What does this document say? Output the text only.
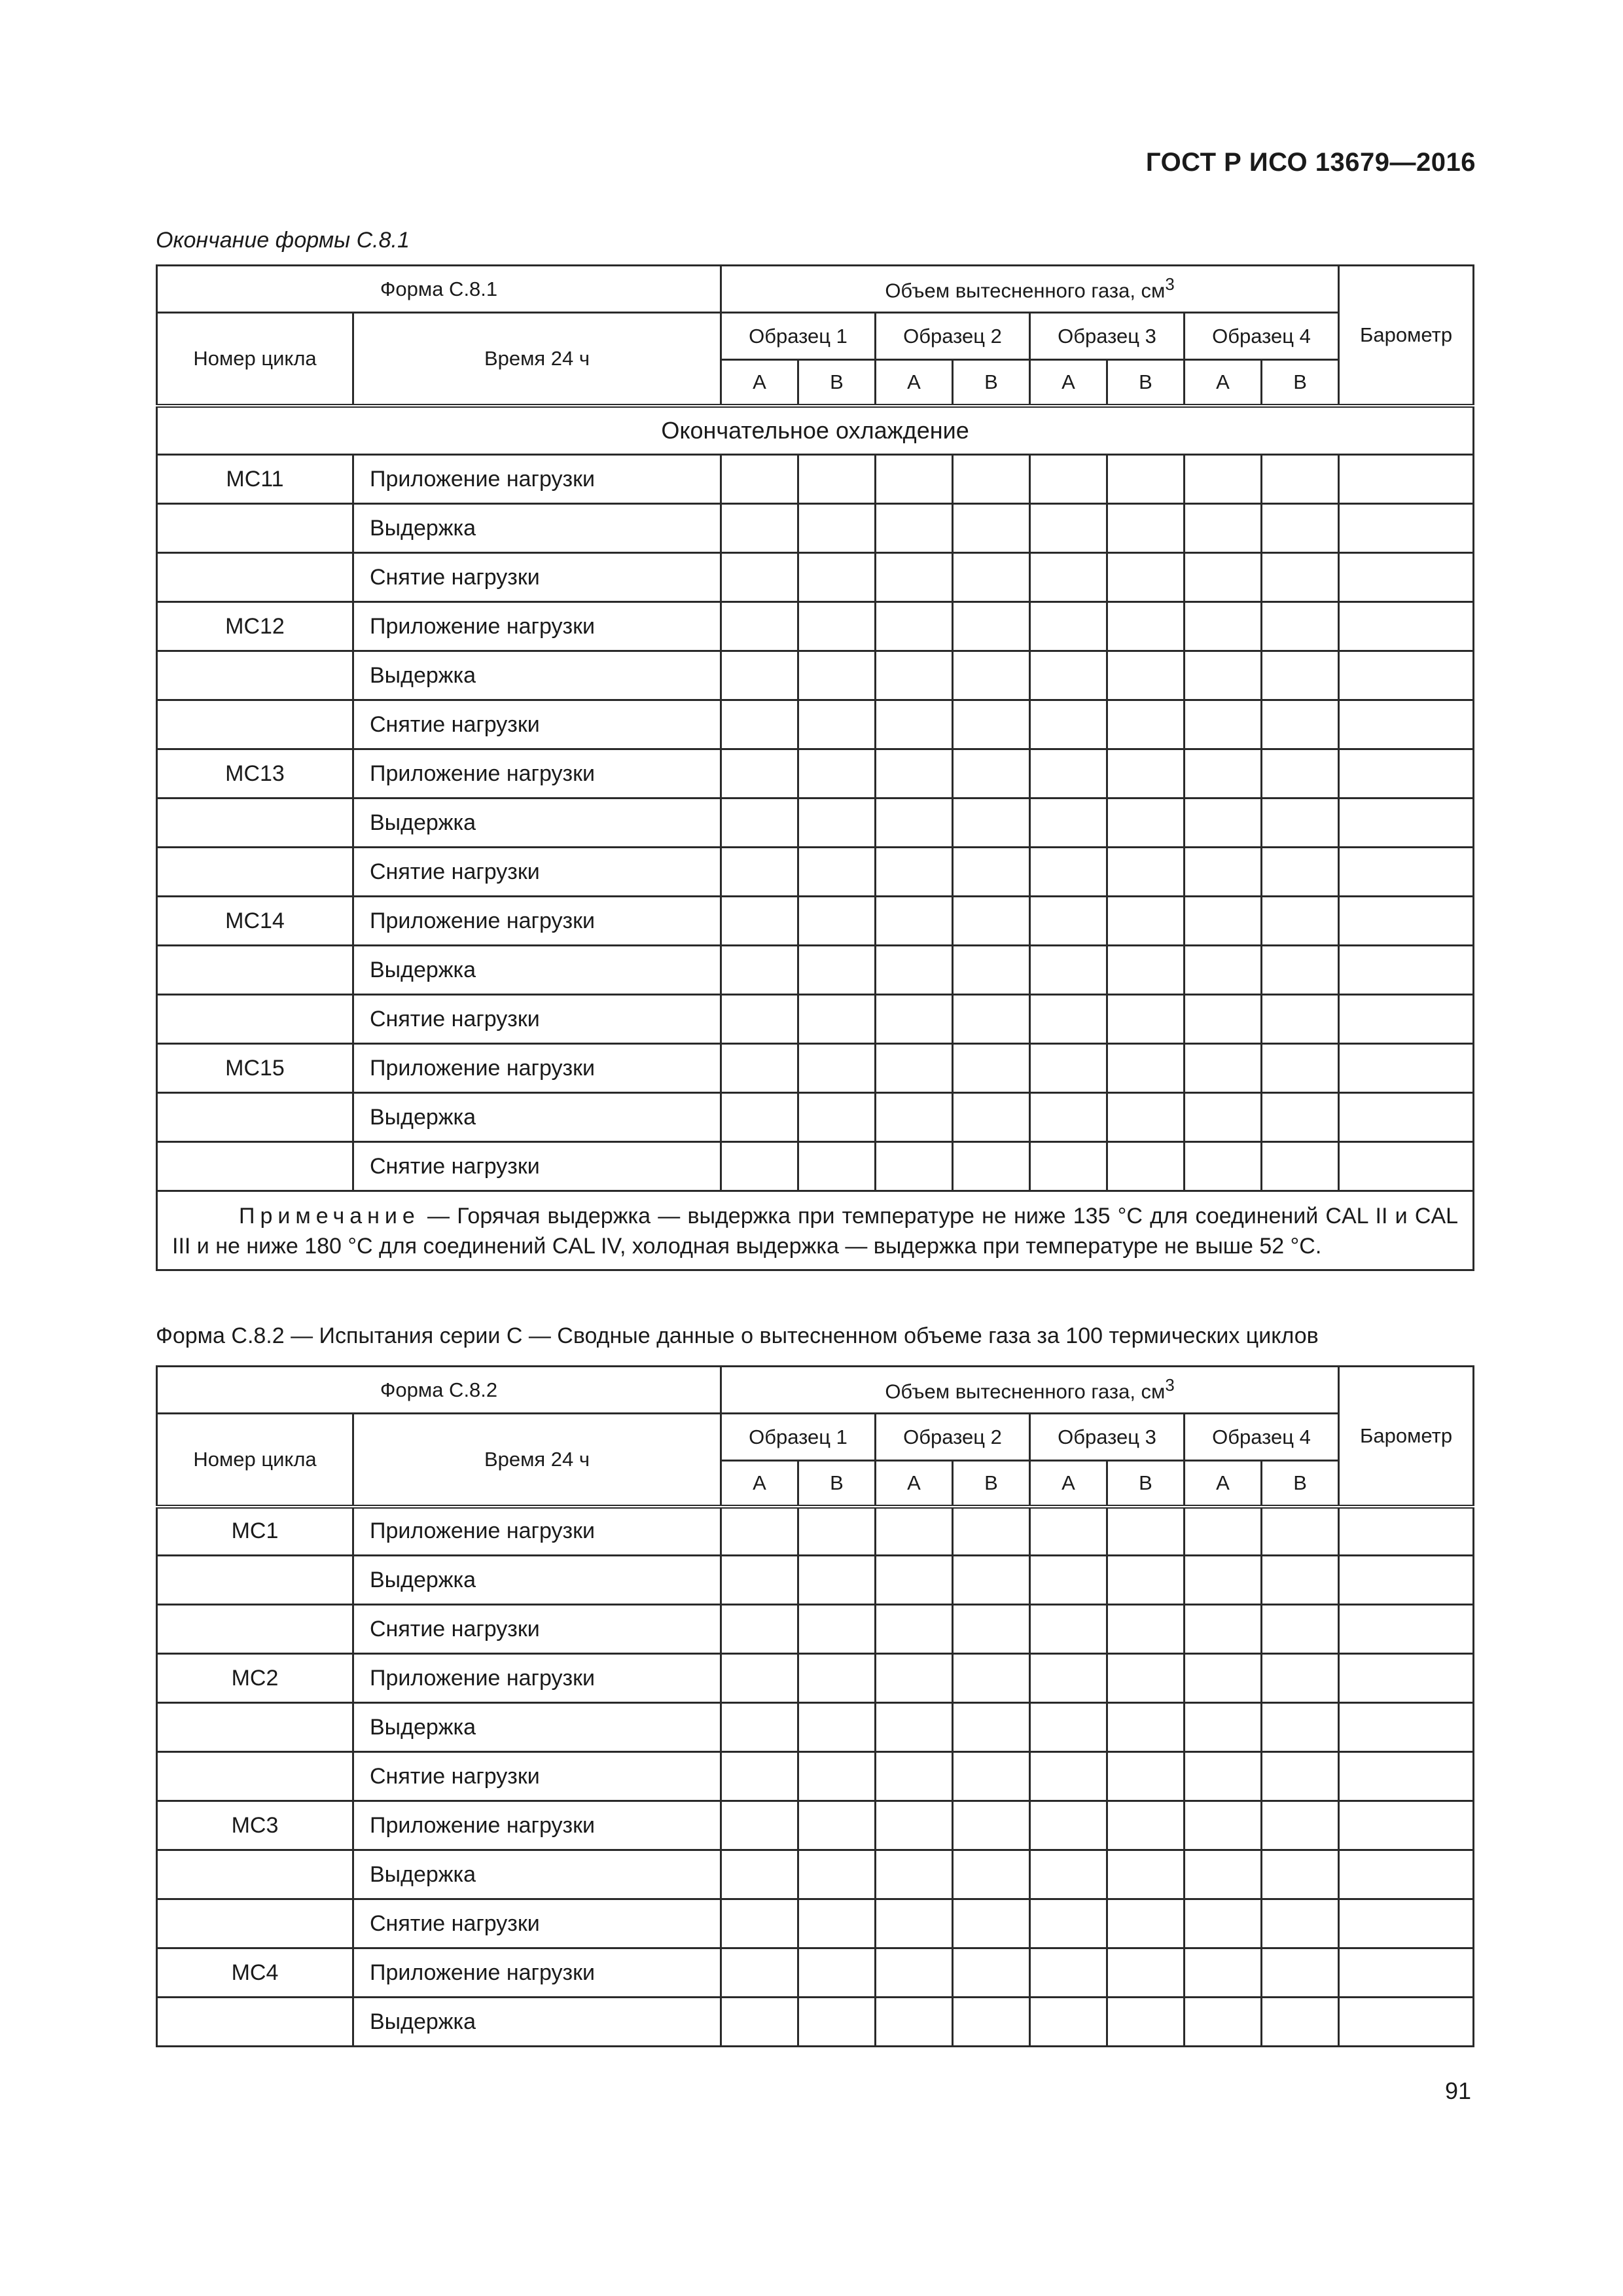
ГОСТ Р ИСО 13679—2016
Окончание формы С.8.1
Форма С.8.1		Объем вытесненного газа, $см^3$								Барометр
Номер цикла	Время 24 ч	Образец 1		Образец 2		Образец 3		Образец 4		
		А	В	А	В	А	В	А	В	
Окончательное охлаждение										
МС11	Приложение нагрузки									
	Выдержка									
	Снятие нагрузки									
МС12	Приложение нагрузки									
	Выдержка									
	Снятие нагрузки									
МС13	Приложение нагрузки									
	Выдержка									
	Снятие нагрузки									
МС14	Приложение нагрузки									
	Выдержка									
	Снятие нагрузки									
МС15	Приложение нагрузки									
	Выдержка									
	Снятие нагрузки									
Примечание — Горячая выдержка — выдержка при температуре не ниже 135 °С для соединений CAL II и CAL III и не ниже 180 °С для соединений CAL IV, холодная выдержка — выдержка при температуре не выше 52 °С.										
Форма С.8.2 — Испытания серии С — Сводные данные о вытесненном объеме газа за 100 термических циклов
Форма С.8.2		Объем вытесненного газа, $см^3$								Барометр
Номер цикла	Время 24 ч	Образец 1		Образец 2		Образец 3		Образец 4		
		А	В	А	В	А	В	А	В	
МС1	Приложение нагрузки									
	Выдержка									
	Снятие нагрузки									
МС2	Приложение нагрузки									
	Выдержка									
	Снятие нагрузки									
МС3	Приложение нагрузки									
	Выдержка									
	Снятие нагрузки									
МС4	Приложение нагрузки									
	Выдержка									
91
